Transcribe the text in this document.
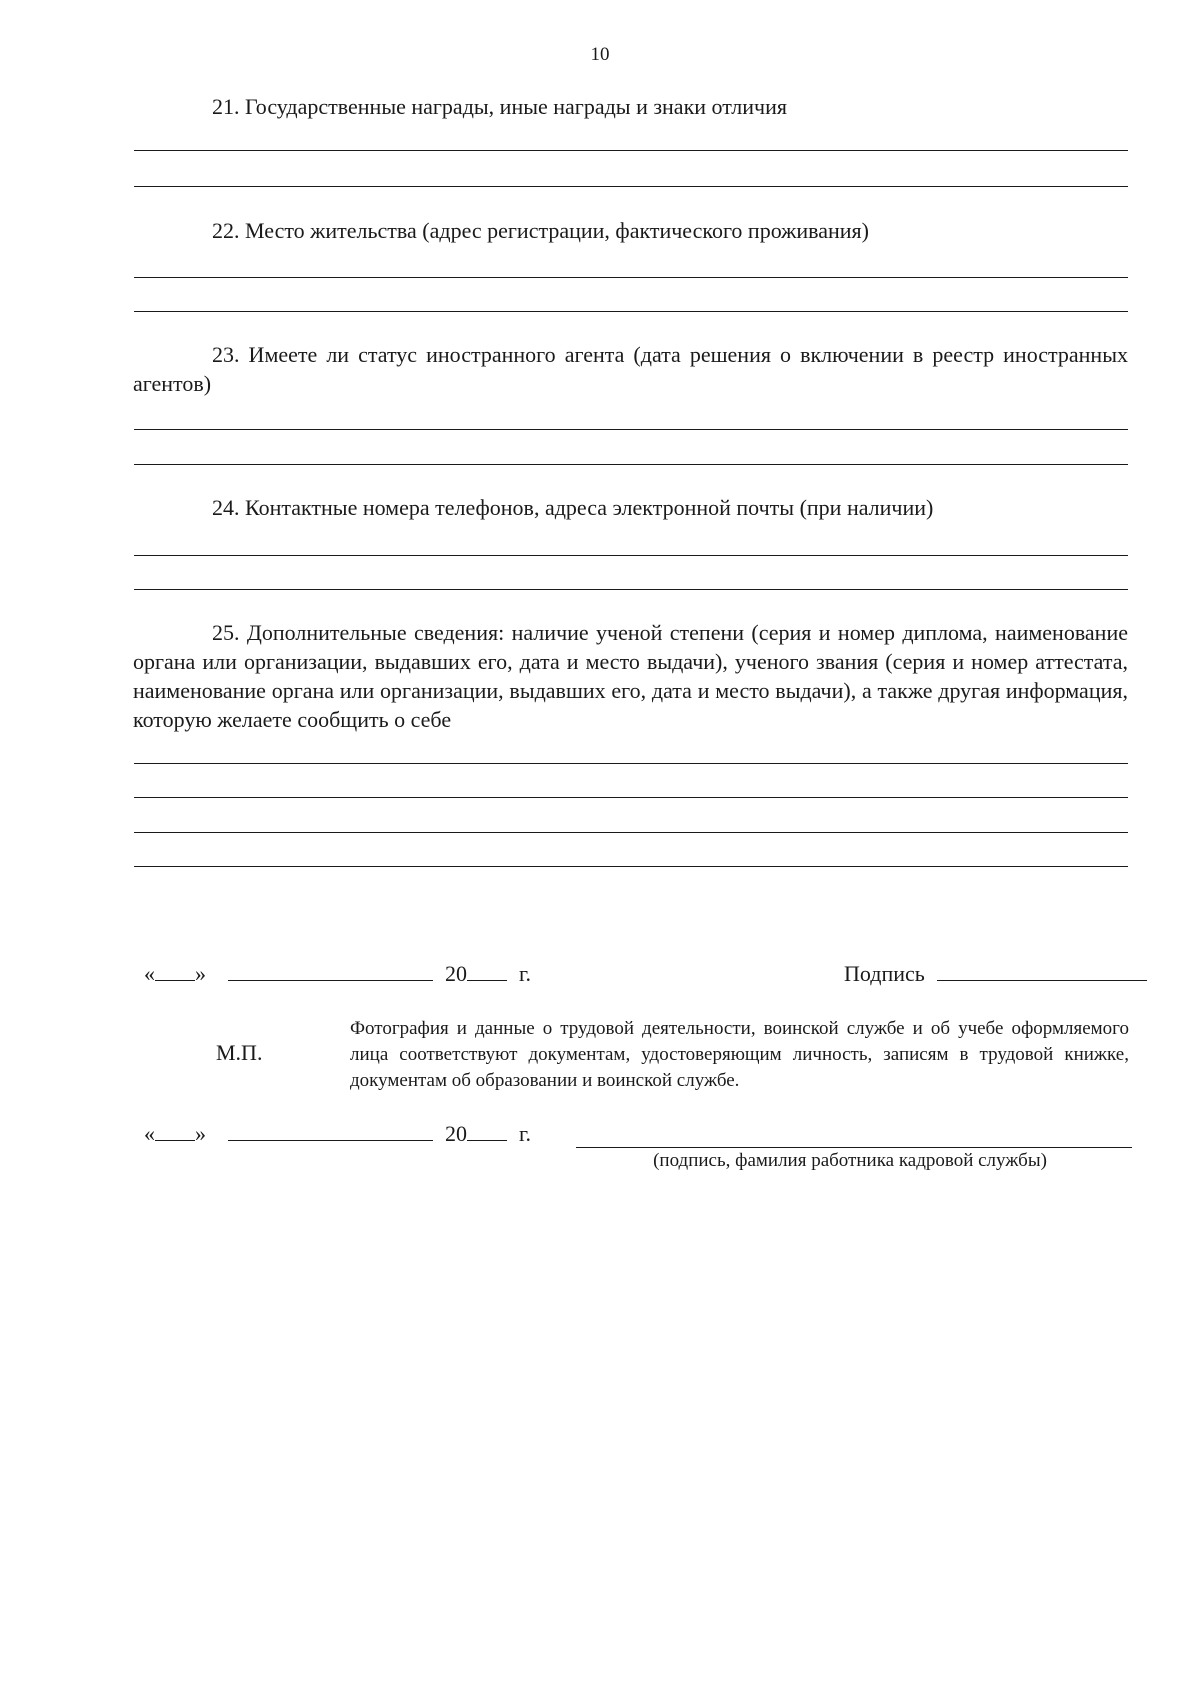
10
21. Государственные награды, иные награды и знаки отличия
22. Место жительства (адрес регистрации, фактического проживания)
23. Имеете ли статус иностранного агента (дата решения о включении в реестр иностранных агентов)
24. Контактные номера телефонов, адреса электронной почты (при наличии)
25. Дополнительные сведения: наличие ученой степени (серия и номер диплома, наименование органа или организации, выдавших его, дата и место выдачи), ученого звания (серия и номер аттестата, наименование органа или организации, выдавших его, дата и место выдачи), а также другая информация, которую желаете сообщить о себе
« »	20 г.	Подпись
М.П.
Фотография и данные о трудовой деятельности, воинской службе и об учебе оформляемого лица соответствуют документам, удостоверяющим личность, записям в трудовой книжке, документам об образовании и воинской службе.
« »	20 г.
(подпись, фамилия работника кадровой службы)
